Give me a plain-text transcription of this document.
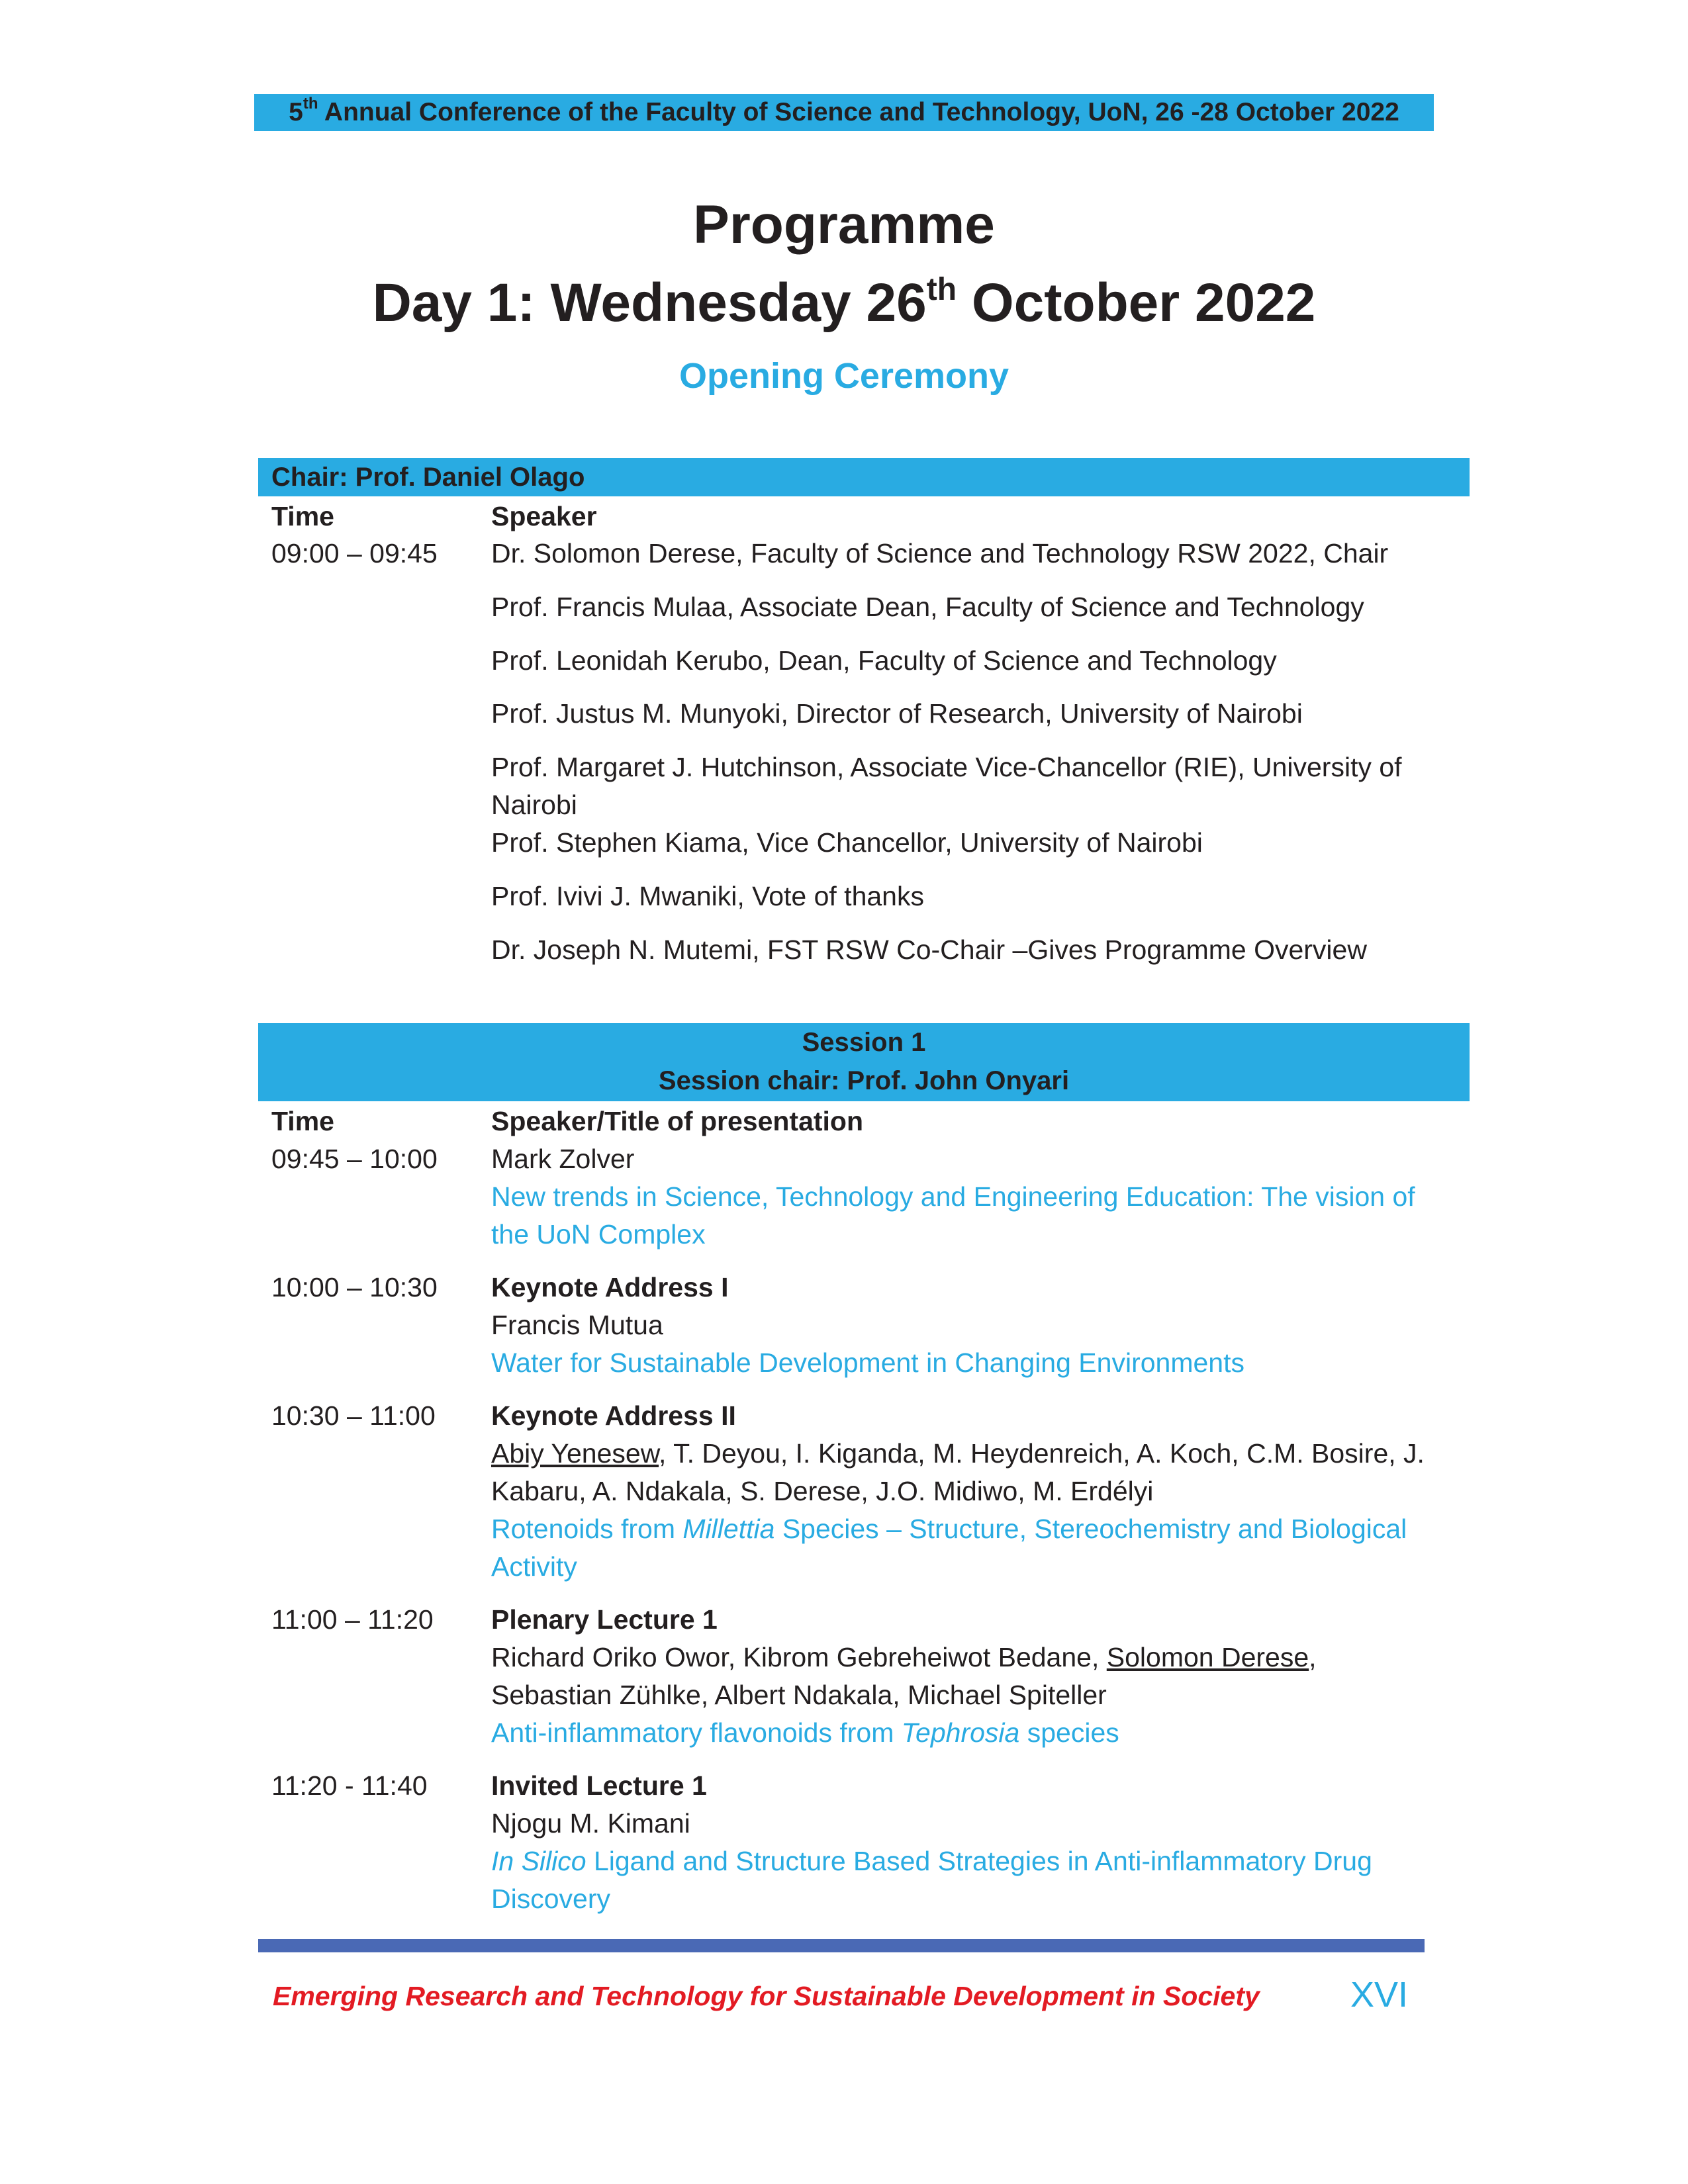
5th Annual Conference of the Faculty of Science and Technology, UoN, 26 -28 October 2022
Programme
Day 1: Wednesday 26th October 2022
Opening Ceremony
Chair: Prof. Daniel Olago
Time	Speaker
09:00 – 09:45 Dr. Solomon Derese, Faculty of Science and Technology RSW 2022, Chair
Prof. Francis Mulaa, Associate Dean, Faculty of Science and Technology
Prof. Leonidah Kerubo, Dean, Faculty of Science and Technology
Prof. Justus M. Munyoki, Director of Research, University of Nairobi
Prof. Margaret J. Hutchinson, Associate Vice-Chancellor (RIE), University of
Nairobi
Prof. Stephen Kiama, Vice Chancellor, University of Nairobi
Prof. Ivivi J. Mwaniki, Vote of thanks
Dr. Joseph N. Mutemi, FST RSW Co-Chair –Gives Programme Overview
Session 1
Session chair: Prof. John Onyari
Time	Speaker/Title of presentation
09:45 – 10:00 Mark Zolver
New trends in Science, Technology and Engineering Education: The vision of
the UoN Complex
10:00 – 10:30 Keynote Address I
Francis Mutua
Water for Sustainable Development in Changing Environments
10:30 – 11:00 Keynote Address II
Abiy Yenesew, T. Deyou, I. Kiganda, M. Heydenreich, A. Koch, C.M. Bosire, J.
Kabaru, A. Ndakala, S. Derese, J.O. Midiwo, M. Erdélyi
Rotenoids from Millettia Species – Structure, Stereochemistry and Biological
Activity
11:00 – 11:20 Plenary Lecture 1
Richard Oriko Owor, Kibrom Gebreheiwot Bedane, Solomon Derese,
Sebastian Zühlke, Albert Ndakala, Michael Spiteller
Anti-inflammatory flavonoids from Tephrosia species
11:20 - 11:40 Invited Lecture 1
Njogu M. Kimani
In Silico Ligand and Structure Based Strategies in Anti-inflammatory Drug
Discovery
Emerging Research and Technology for Sustainable Development in Society	XVI
